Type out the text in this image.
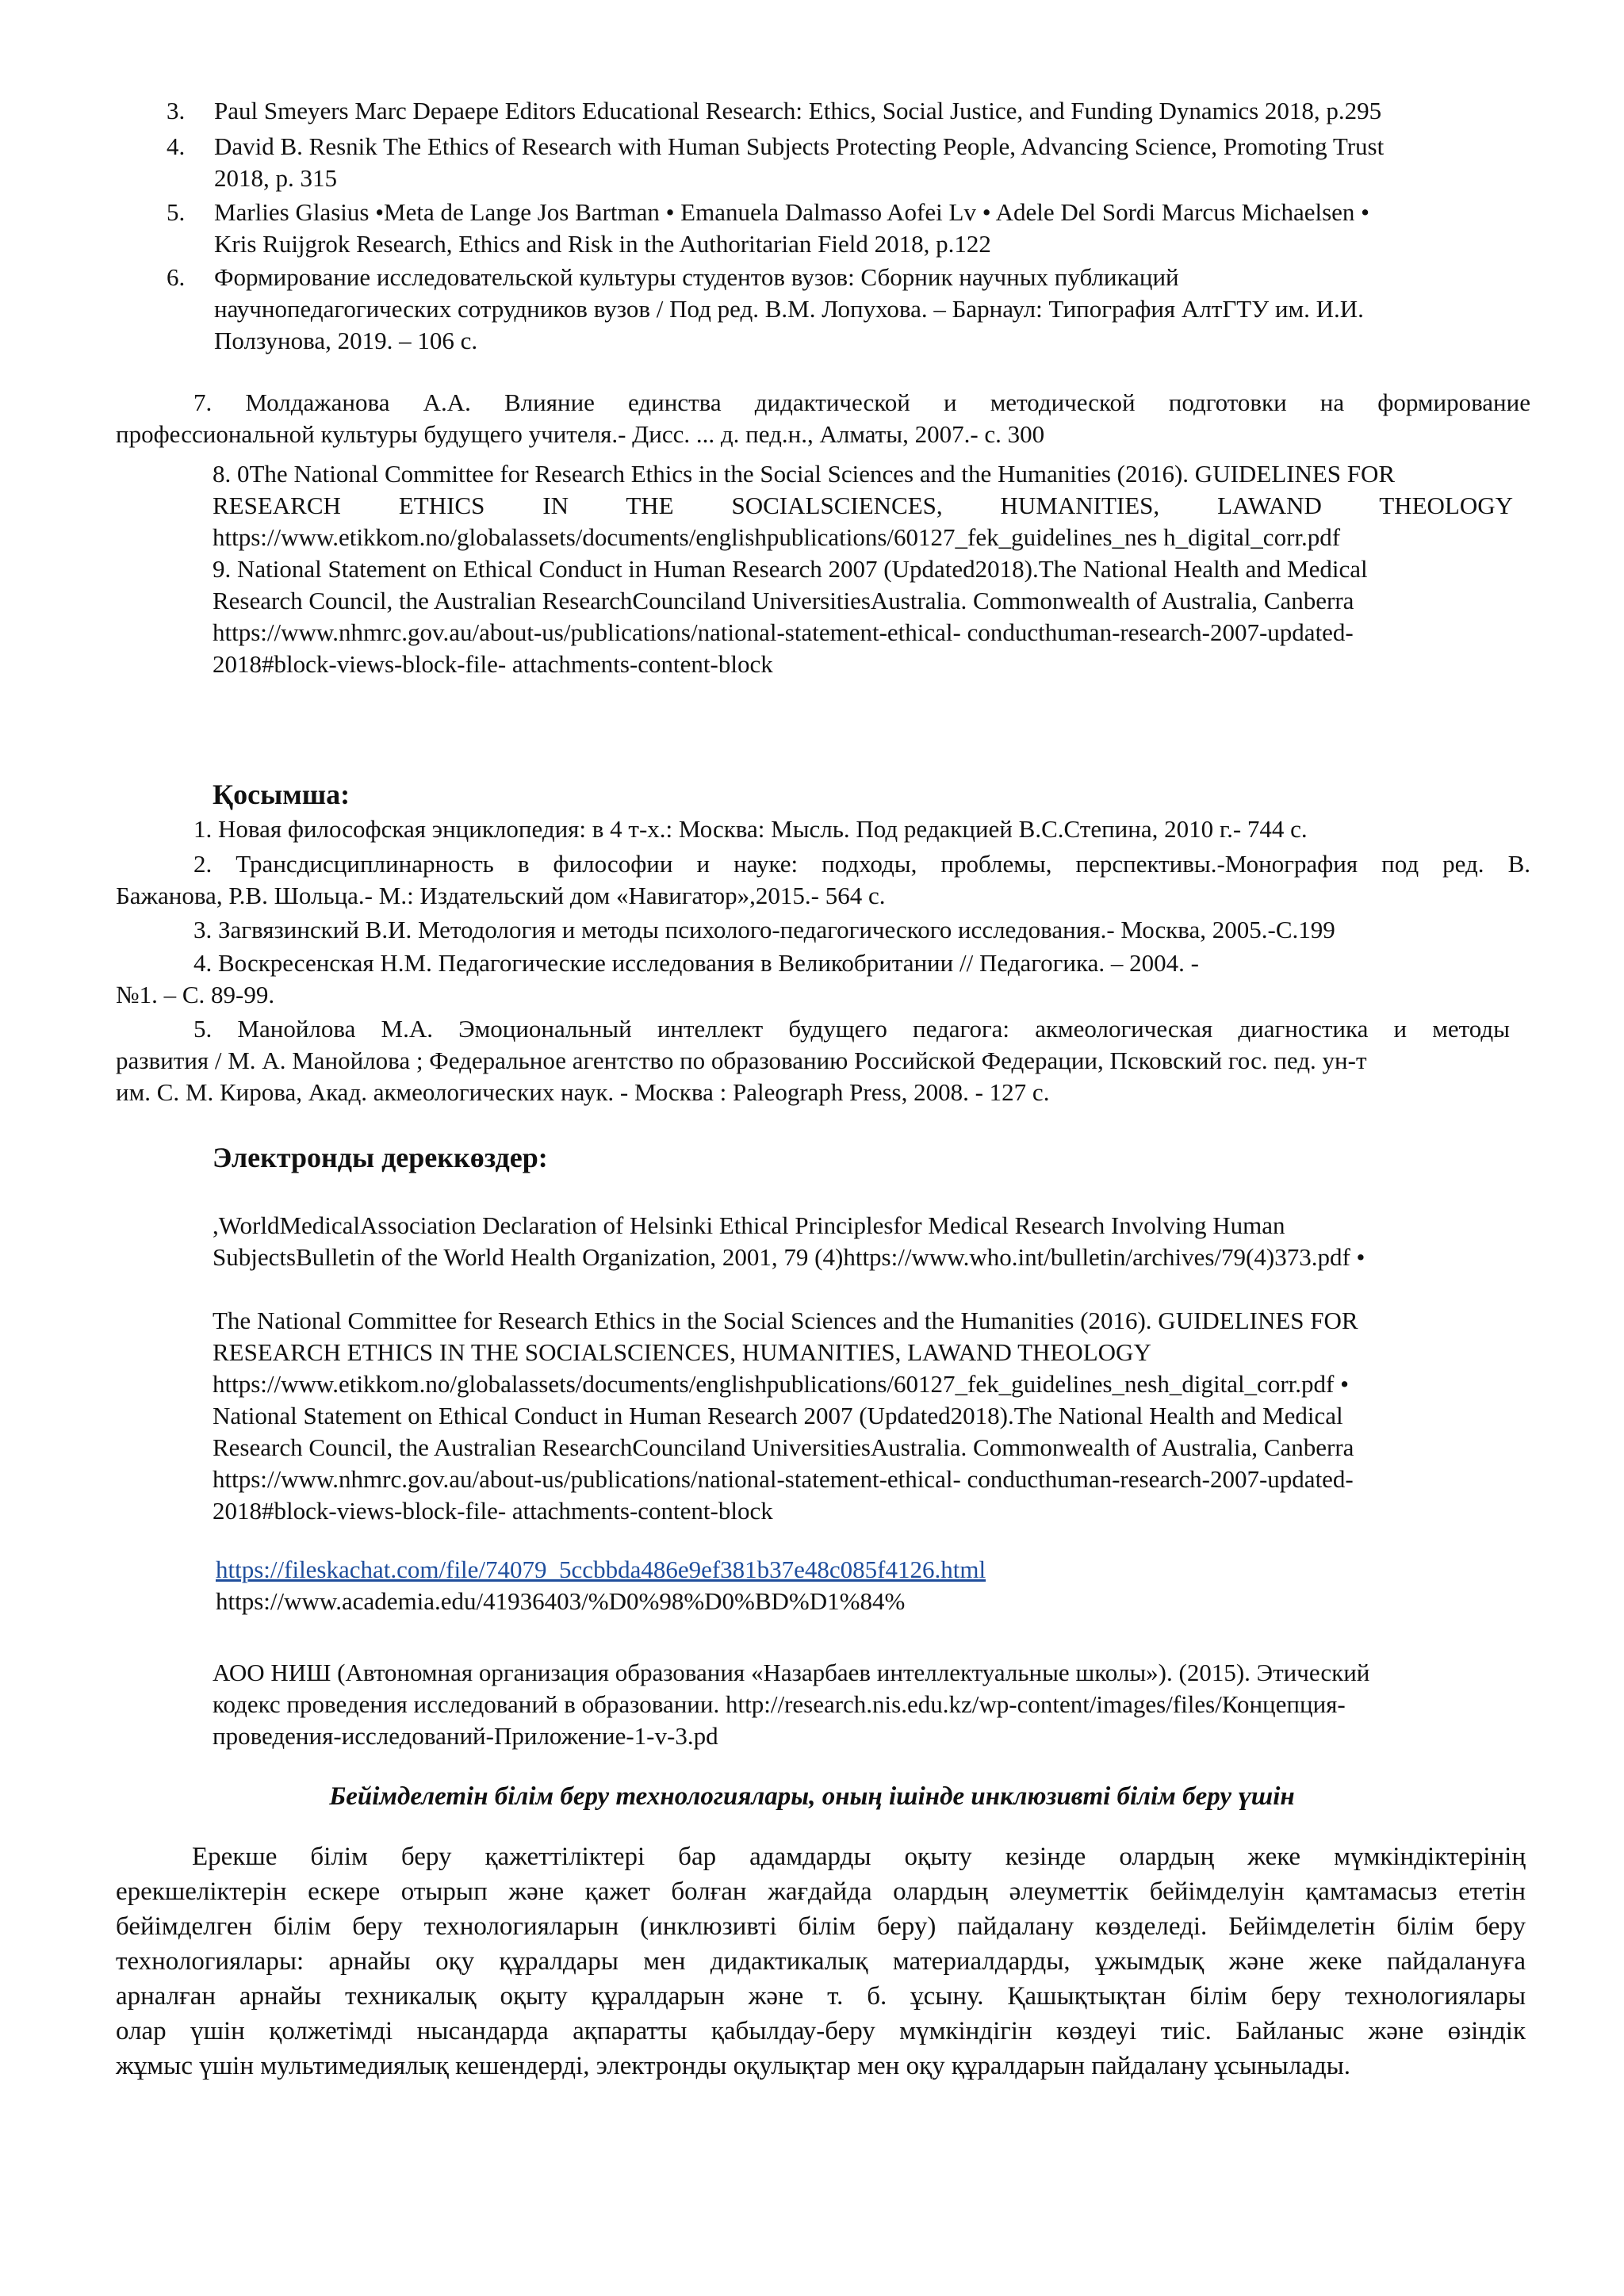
3. Paul Smeyers Marc Depaepe Editors Educational Research: Ethics, Social Justice, and Funding Dynamics 2018, p.295
4. David B. Resnik The Ethics of Research with Human Subjects Protecting People, Advancing Science, Promoting Trust
2018, p. 315
5. Marlies Glasius •Meta de Lange Jos Bartman • Emanuela Dalmasso Aofei Lv • Adele Del Sordi Marcus Michaelsen •
Kris Ruijgrok Research, Ethics and Risk in the Authoritarian Field 2018, p.122
6. Формирование исследовательской культуры студентов вузов: Сборник научных публикаций
научнопедагогических сотрудников вузов / Под ред. В.М. Лопухова. – Барнаул: Типография АлтГТУ им. И.И.
Ползунова, 2019. – 106 с.
7. Молдажанова А.А. Влияние единства дидактической и методической подготовки на формирование
профессиональной культуры будущего учителя.- Дисс. ... д. пед.н., Алматы, 2007.- с. 300
8. 0The National Committee for Research Ethics in the Social Sciences and the Humanities (2016). GUIDELINES FOR
RESEARCH ETHICS IN THE SOCIALSCIENCES, HUMANITIES, LAWAND THEOLOGY
https://www.etikkom.no/globalassets/documents/englishpublications/60127_fek_guidelines_nes h_digital_corr.pdf
9. National Statement on Ethical Conduct in Human Research 2007 (Updated2018).The National Health and Medical
Research Council, the Australian ResearchCounciland UniversitiesAustralia. Commonwealth of Australia, Canberra
https://www.nhmrc.gov.au/about-us/publications/national-statement-ethical- conducthuman-research-2007-updated-
2018#block-views-block-file- attachments-content-block
Қосымша:
1. Новая философская энциклопедия: в 4 т-х.: Москва: Мысль. Под редакцией В.С.Степина, 2010 г.- 744 с.
2. Трансдисциплинарность в философии и науке: подходы, проблемы, перспективы.-Монография под ред. В.
Бажанова, Р.В. Шольца.- М.: Издательский дом «Навигатор»,2015.- 564 с.
3. Загвязинский В.И. Методология и методы психолого-педагогического исследования.- Москва, 2005.-С.199
4. Воскресенская Н.М. Педагогические исследования в Великобритании // Педагогика. – 2004. -
№1. – С. 89-99.
5. Манойлова М.А. Эмоциональный интеллект будущего педагога: акмеологическая диагностика и методы
развития / М. А. Манойлова ; Федеральное агентство по образованию Российской Федерации, Псковский гос. пед. ун-т
им. С. М. Кирова, Акад. акмеологических наук. - Москва : Paleograph Press, 2008. - 127 с.
Электронды дереккөздер:
,WorldMedicalAssociation Declaration of Helsinki Ethical Principlesfor Medical Research Involving Human
SubjectsBulletin of the World Health Organization, 2001, 79 (4)https://www.who.int/bulletin/archives/79(4)373.pdf •
The National Committee for Research Ethics in the Social Sciences and the Humanities (2016). GUIDELINES FOR
RESEARCH ETHICS IN THE SOCIALSCIENCES, HUMANITIES, LAWAND THEOLOGY
https://www.etikkom.no/globalassets/documents/englishpublications/60127_fek_guidelines_nesh_digital_corr.pdf •
National Statement on Ethical Conduct in Human Research 2007 (Updated2018).The National Health and Medical
Research Council, the Australian ResearchCounciland UniversitiesAustralia. Commonwealth of Australia, Canberra
https://www.nhmrc.gov.au/about-us/publications/national-statement-ethical- conducthuman-research-2007-updated-
2018#block-views-block-file- attachments-content-block
https://fileskachat.com/file/74079_5ccbbda486e9ef381b37e48c085f4126.html
https://www.academia.edu/41936403/%D0%98%D0%BD%D1%84%
АОО НИШ (Автономная организация образования «Назарбаев интеллектуальные школы»). (2015). Этический
кодекс проведения исследований в образовании. http://research.nis.edu.kz/wp-content/images/files/Концепция-
проведения-исследований-Приложение-1-v-3.pd
Бейімделетін білім беру технологиялары, оның ішінде инклюзивті білім беру үшін
Ерекше білім беру қажеттіліктері бар адамдарды оқыту кезінде олардың жеке мүмкіндіктерінің
ерекшеліктерін ескере отырып және қажет болған жағдайда олардың әлеуметтік бейімделуін қамтамасыз ететін
бейімделген білім беру технологияларын (инклюзивті білім беру) пайдалану көзделеді. Бейімделетін білім беру
технологиялары: арнайы оқу құралдары мен дидактикалық материалдарды, ұжымдық және жеке пайдалануға
арналған арнайы техникалық оқыту құралдарын және т. б. ұсыну. Қашықтықтан білім беру технологиялары
олар үшін қолжетімді нысандарда ақпаратты қабылдау-беру мүмкіндігін көздеуі тиіс. Байланыс және өзіндік
жұмыс үшін мультимедиялық кешендерді, электронды оқулықтар мен оқу құралдарын пайдалану ұсынылады.
